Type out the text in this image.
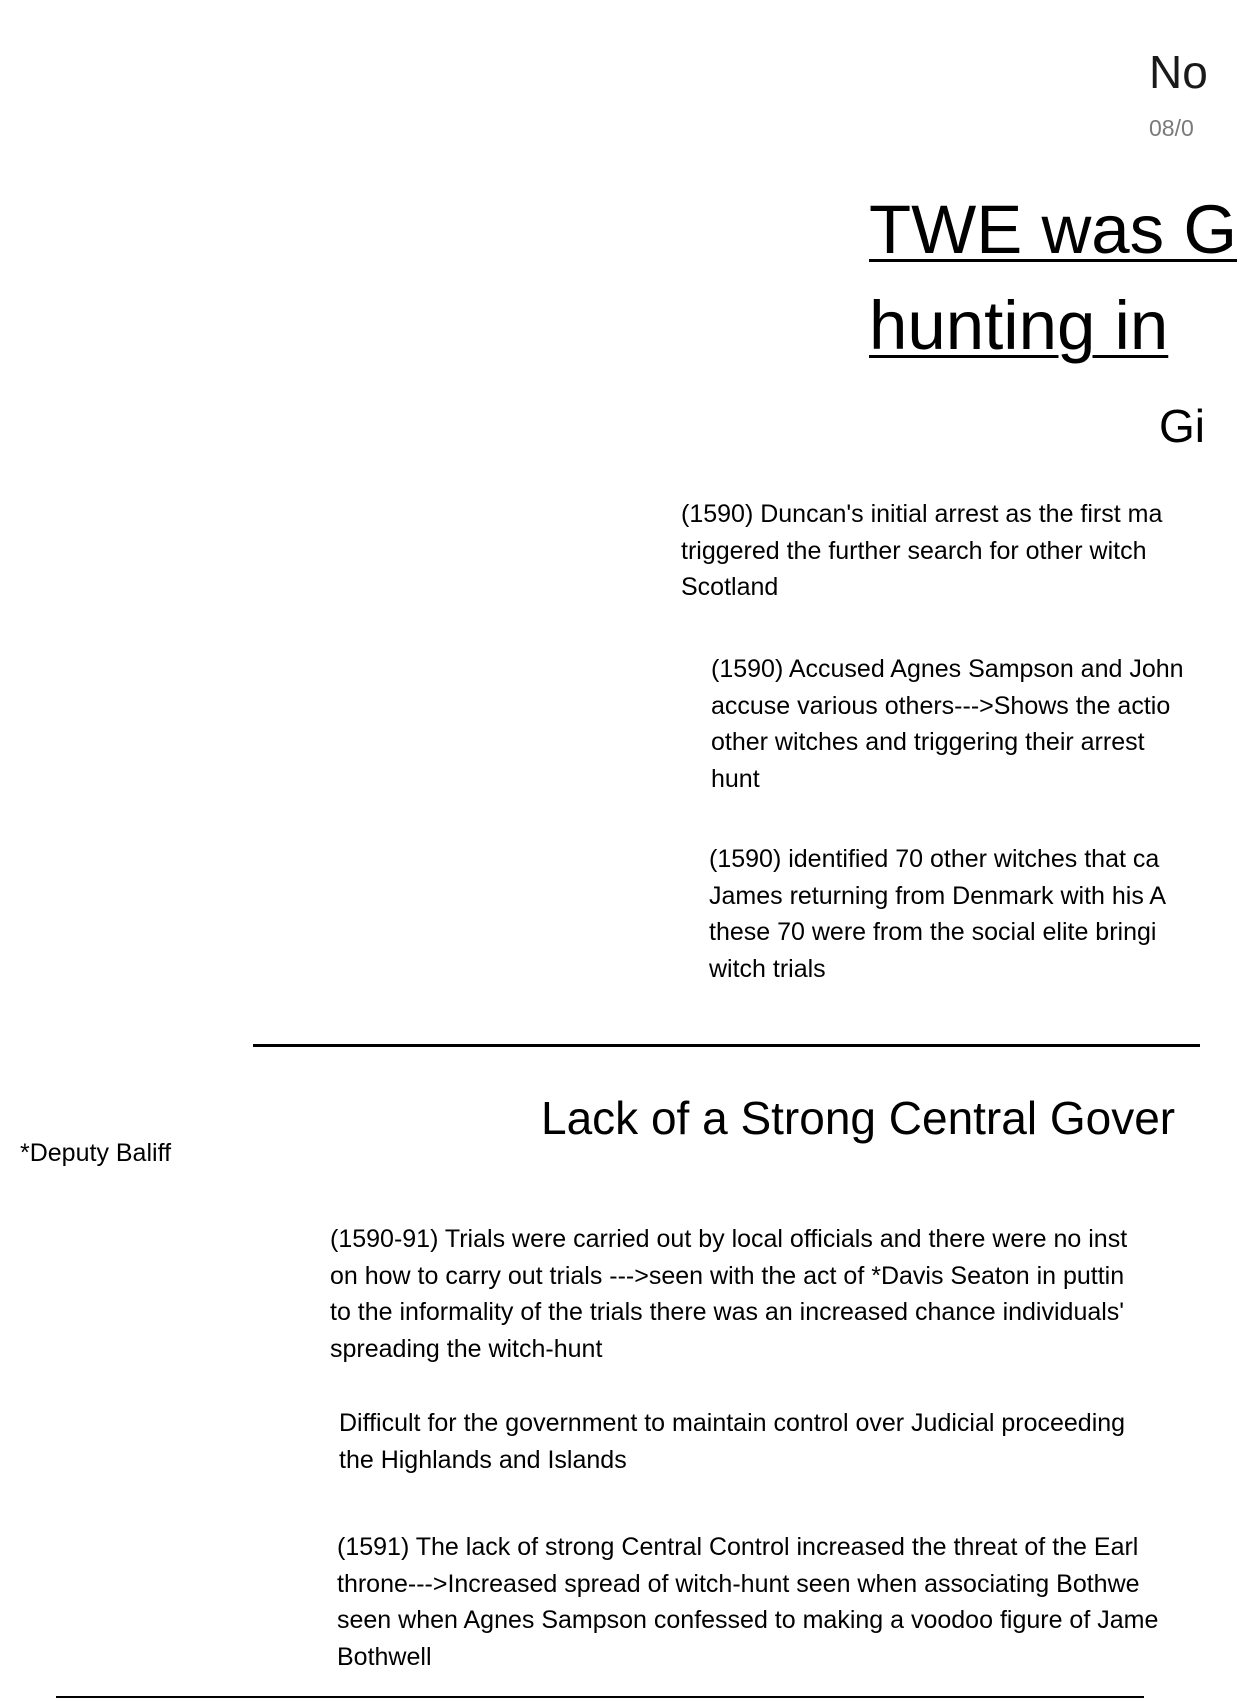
No
08/0
TWE was G
hunting in
Gi
(1590) Duncan's initial arrest as the first ma
triggered the further search for other witch
Scotland
(1590) Accused Agnes Sampson and John
accuse various others--->Shows the actio
other witches and triggering their arrest
hunt
(1590) identified 70 other witches that ca
James returning from Denmark with his A
these 70 were from the social elite bringi
witch trials
Lack of a Strong Central Gover
*Deputy Baliff
(1590-91) Trials were carried out by local officials and there were no inst
on how to carry out trials --->seen with the act of *Davis Seaton in puttin
to the informality of the trials there was an increased chance individuals'
spreading the witch-hunt
Difficult for the government to maintain control over Judicial proceeding
the Highlands and Islands
(1591) The lack of strong Central Control increased the threat of the Earl
throne--->Increased spread of witch-hunt seen when associating Bothwe
seen when Agnes Sampson confessed to making a voodoo figure of Jame
Bothwell
